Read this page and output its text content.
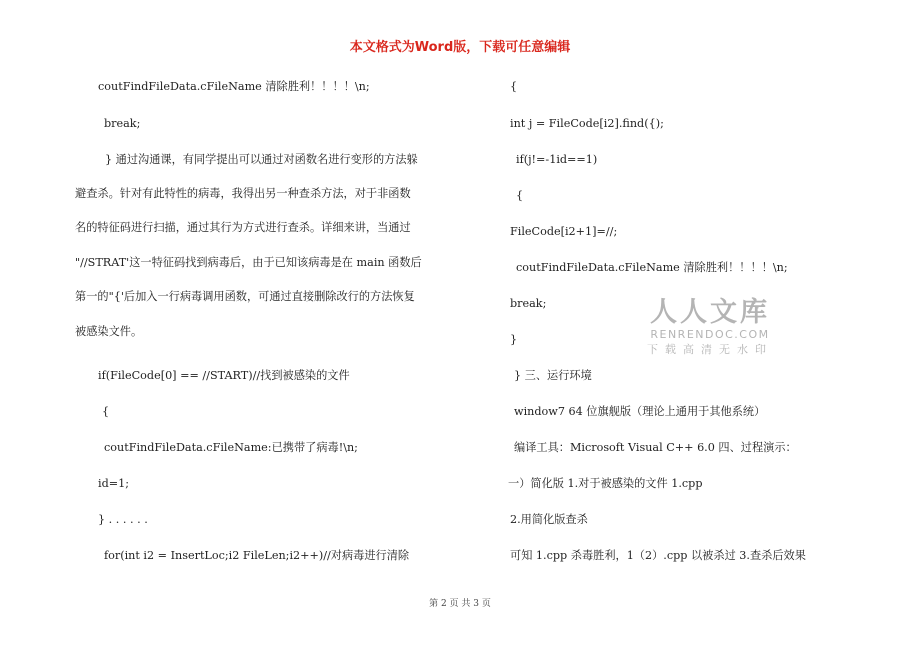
本文格式为Word版，下载可任意编辑
coutFindFileData.cFileName 清除胜利！！！！\n;
break;
} 通过沟通课，有同学提出可以通过对函数名进行变形的方法躲
避查杀。针对有此特性的病毒，我得出另一种查杀方法，对于非函数
名的特征码进行扫描，通过其行为方式进行查杀。详细来讲，当通过
"//STRAT'这一特征码找到病毒后，由于已知该病毒是在 main 函数后
第一的"{'后加入一行病毒调用函数，可通过直接删除改行的方法恢复
被感染文件。
if(FileCode[0] == //START)//找到被感染的文件
{
coutFindFileData.cFileName:已携带了病毒!\n;
id=1;
} . . . . . .
for(int i2 = InsertLoc;i2 FileLen;i2++)//对病毒进行清除
{
int j = FileCode[i2].find({);
if(j!=-1id==1)
{
FileCode[i2+1]=//;
coutFindFileData.cFileName 清除胜利！！！！\n;
break;
}
} 三、运行环境
window7 64 位旗舰版（理论上通用于其他系统）
编译工具：Microsoft Visual C++ 6.0 四、过程演示：
一）简化版 1.对于被感染的文件 1.cpp
2.用简化版查杀
可知 1.cpp 杀毒胜利，1（2）.cpp 以被杀过 3.查杀后效果
人人文库
RENRENDOC.COM
下载高清无水印
第 2 页 共 3 页
